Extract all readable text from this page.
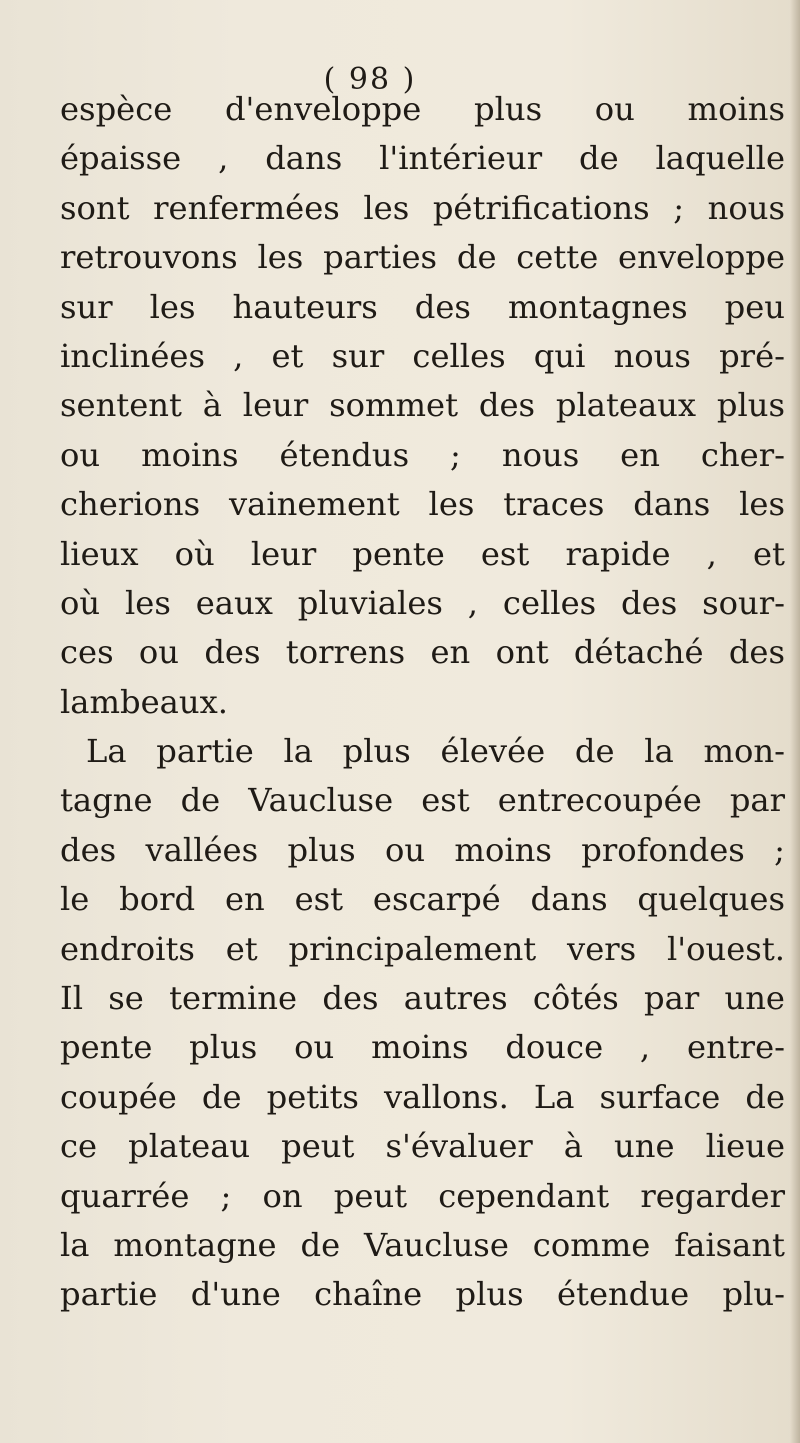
( 98 )
espèce d'enveloppe plus ou moins
épaisse , dans l'intérieur de laquelle
sont renfermées les pétrifications ; nous
retrouvons les parties de cette enveloppe
sur les hauteurs des montagnes peu
inclinées , et sur celles qui nous pré-
sentent à leur sommet des plateaux plus
ou moins étendus ; nous en cher-
cherions vainement les traces dans les
lieux où leur pente est rapide , et
où les eaux pluviales , celles des sour-
ces ou des torrens en ont détaché des
lambeaux.
La partie la plus élevée de la mon-
tagne de Vaucluse est entrecoupée par
des vallées plus ou moins profondes ;
le bord en est escarpé dans quelques
endroits et principalement vers l'ouest.
Il se termine des autres côtés par une
pente plus ou moins douce , entre-
coupée de petits vallons. La surface de
ce plateau peut s'évaluer à une lieue
quarrée ; on peut cependant regarder
la montagne de Vaucluse comme faisant
partie d'une chaîne plus étendue plu-
